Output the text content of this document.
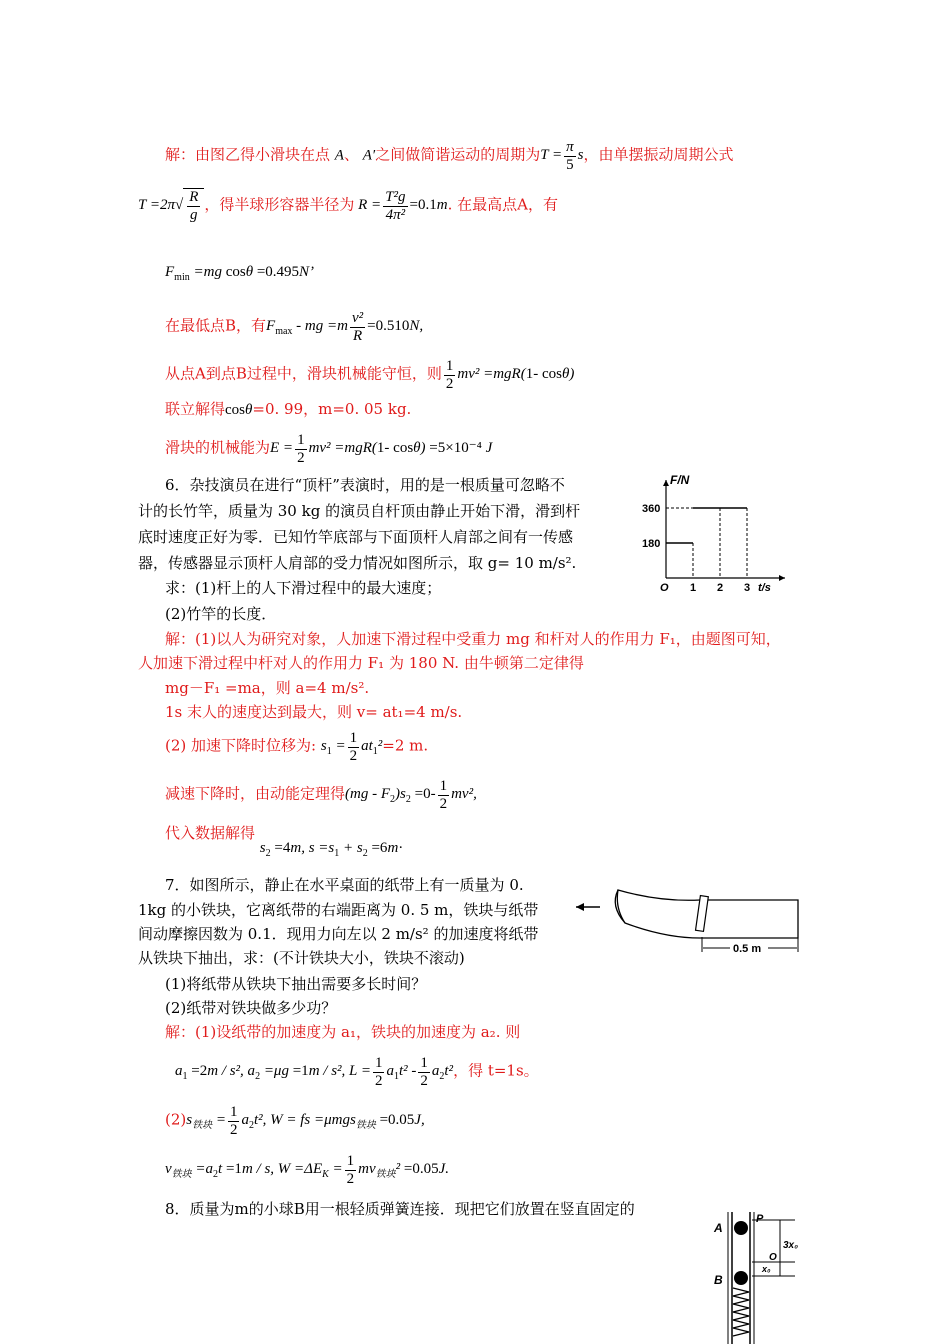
解：由图乙得小滑块在点 A、 A′之间做简谐运动的周期为$T = \frac{\pi}{5}$ s，由单摆振动周期公式
$T =2\pi√ \frac{R}{g}$ ，得半球形容器半径为 $R = \frac{\text{T²g}}{\text{4π²}} =0.1m$. 在最高点A，有
$F_{min} =mg$ cosθ =0.495N’
在最低点B，有$F_{max}$ - mg $=m \frac{\text{v²}}{R} =0.510N$,
从点A到点B过程中，滑块机械能守恒，则 $\frac{1}{2} mv^2 =mgR(1-$ cosθ)
联立解得cosθ=0. 99，m=0. 05 kg.
滑块的机械能为$E = \frac{1}{2} mv^2 =mgR(1-$ cosθ) =5×10⁻⁴ J
6．杂技演员在进行“顶杆”表演时，用的是一根质量可忽略不
计的长竹竿，质量为 30 kg 的演员自杆顶由静止开始下滑，滑到杆
底时速度正好为零．已知竹竿底部与下面顶杆人肩部之间有一传感
器，传感器显示顶杆人肩部的受力情况如图所示，取 g= 10 m/s².
求：(1)杆上的人下滑过程中的最大速度；
(2)竹竿的长度．
解：(1)以人为研究对象，人加速下滑过程中受重力 mg 和杆对人的作用力 F₁，由题图可知，
人加速下滑过程中杆对人的作用力 F₁ 为 180 N. 由牛顿第二定律得
mg－F₁ =ma，则 a=4 m/s².
1s 末人的速度达到最大，则 v= at₁=4 m/s.
(2) 加速下降时位移为: $s_1 = \frac{1}{2} at_1^2=2$ m.
减速下降时，由动能定理得$(mg - F_2)s_2 =0- \frac{1}{2} mv^2$,
代入数据解得 $s_2 =4m$, $s =s_1 + s_2 =6m\cdot$
F/N
t/s
360
180
O 1 2 3
7．如图所示，静止在水平桌面的纸带上有一质量为 0.
1kg 的小铁块，它离纸带的右端距离为 0. 5 m，铁块与纸带
间动摩擦因数为 0.1．现用力向左以 2 m/s² 的加速度将纸带
从铁块下抽出，求：(不计铁块大小，铁块不滚动)
(1)将纸带从铁块下抽出需要多长时间？
(2)纸带对铁块做多少功？
解：(1)设纸带的加速度为 a₁，铁块的加速度为 a₂. 则
$a_1 =2m / s^2$, $a_2 =\mu g =1m / s^2$, $L = \frac{1}{2} a_1t^2 - \frac{1}{2} a_2t^2$，得 t=1s。
$(2)s_{铁块} = \frac{1}{2} a_2t^2$, W = fs =μmgs$_{铁块}$ =0.05J,
$v_{铁块} =a_2t =1m / s$, $W =\Delta E_K = \frac{1}{2} mv_{铁块}^2 =0.05J$.
0.5 m
8．质量为m的小球B用一根轻质弹簧连接．现把它们放置在竖直固定的
A
B
P
O
3x₀
x₀
